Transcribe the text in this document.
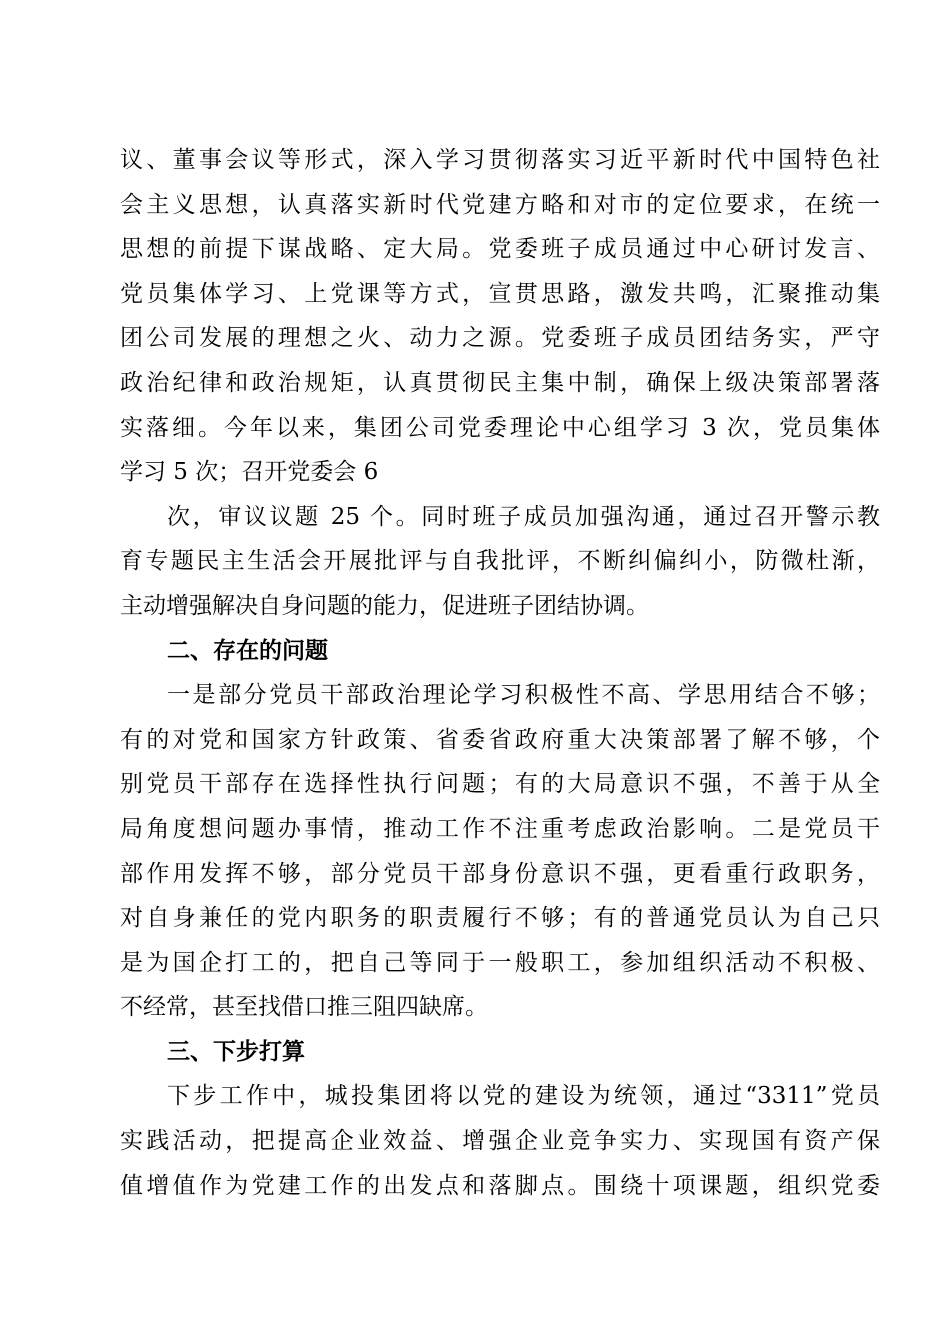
议、董事会议等形式，深入学习贯彻落实习近平新时代中国特色社
会主义思想，认真落实新时代党建方略和对市的定位要求，在统一
思想的前提下谋战略、定大局。党委班子成员通过中心研讨发言、
党员集体学习、上党课等方式，宣贯思路，激发共鸣，汇聚推动集
团公司发展的理想之火、动力之源。党委班子成员团结务实，严守
政治纪律和政治规矩，认真贯彻民主集中制，确保上级决策部署落
实落细。今年以来，集团公司党委理论中心组学习 3 次，党员集体
学习 5 次；召开党委会 6
次，审议议题 25 个。同时班子成员加强沟通，通过召开警示教
育专题民主生活会开展批评与自我批评，不断纠偏纠小，防微杜渐，
主动增强解决自身问题的能力，促进班子团结协调。
二、存在的问题
一是部分党员干部政治理论学习积极性不高、学思用结合不够；
有的对党和国家方针政策、省委省政府重大决策部署了解不够，个
别党员干部存在选择性执行问题；有的大局意识不强，不善于从全
局角度想问题办事情，推动工作不注重考虑政治影响。二是党员干
部作用发挥不够，部分党员干部身份意识不强，更看重行政职务，
对自身兼任的党内职务的职责履行不够；有的普通党员认为自己只
是为国企打工的，把自己等同于一般职工，参加组织活动不积极、
不经常，甚至找借口推三阻四缺席。
三、下步打算
下步工作中，城投集团将以党的建设为统领，通过“3311”党员
实践活动，把提高企业效益、增强企业竞争实力、实现国有资产保
值增值作为党建工作的出发点和落脚点。围绕十项课题，组织党委
